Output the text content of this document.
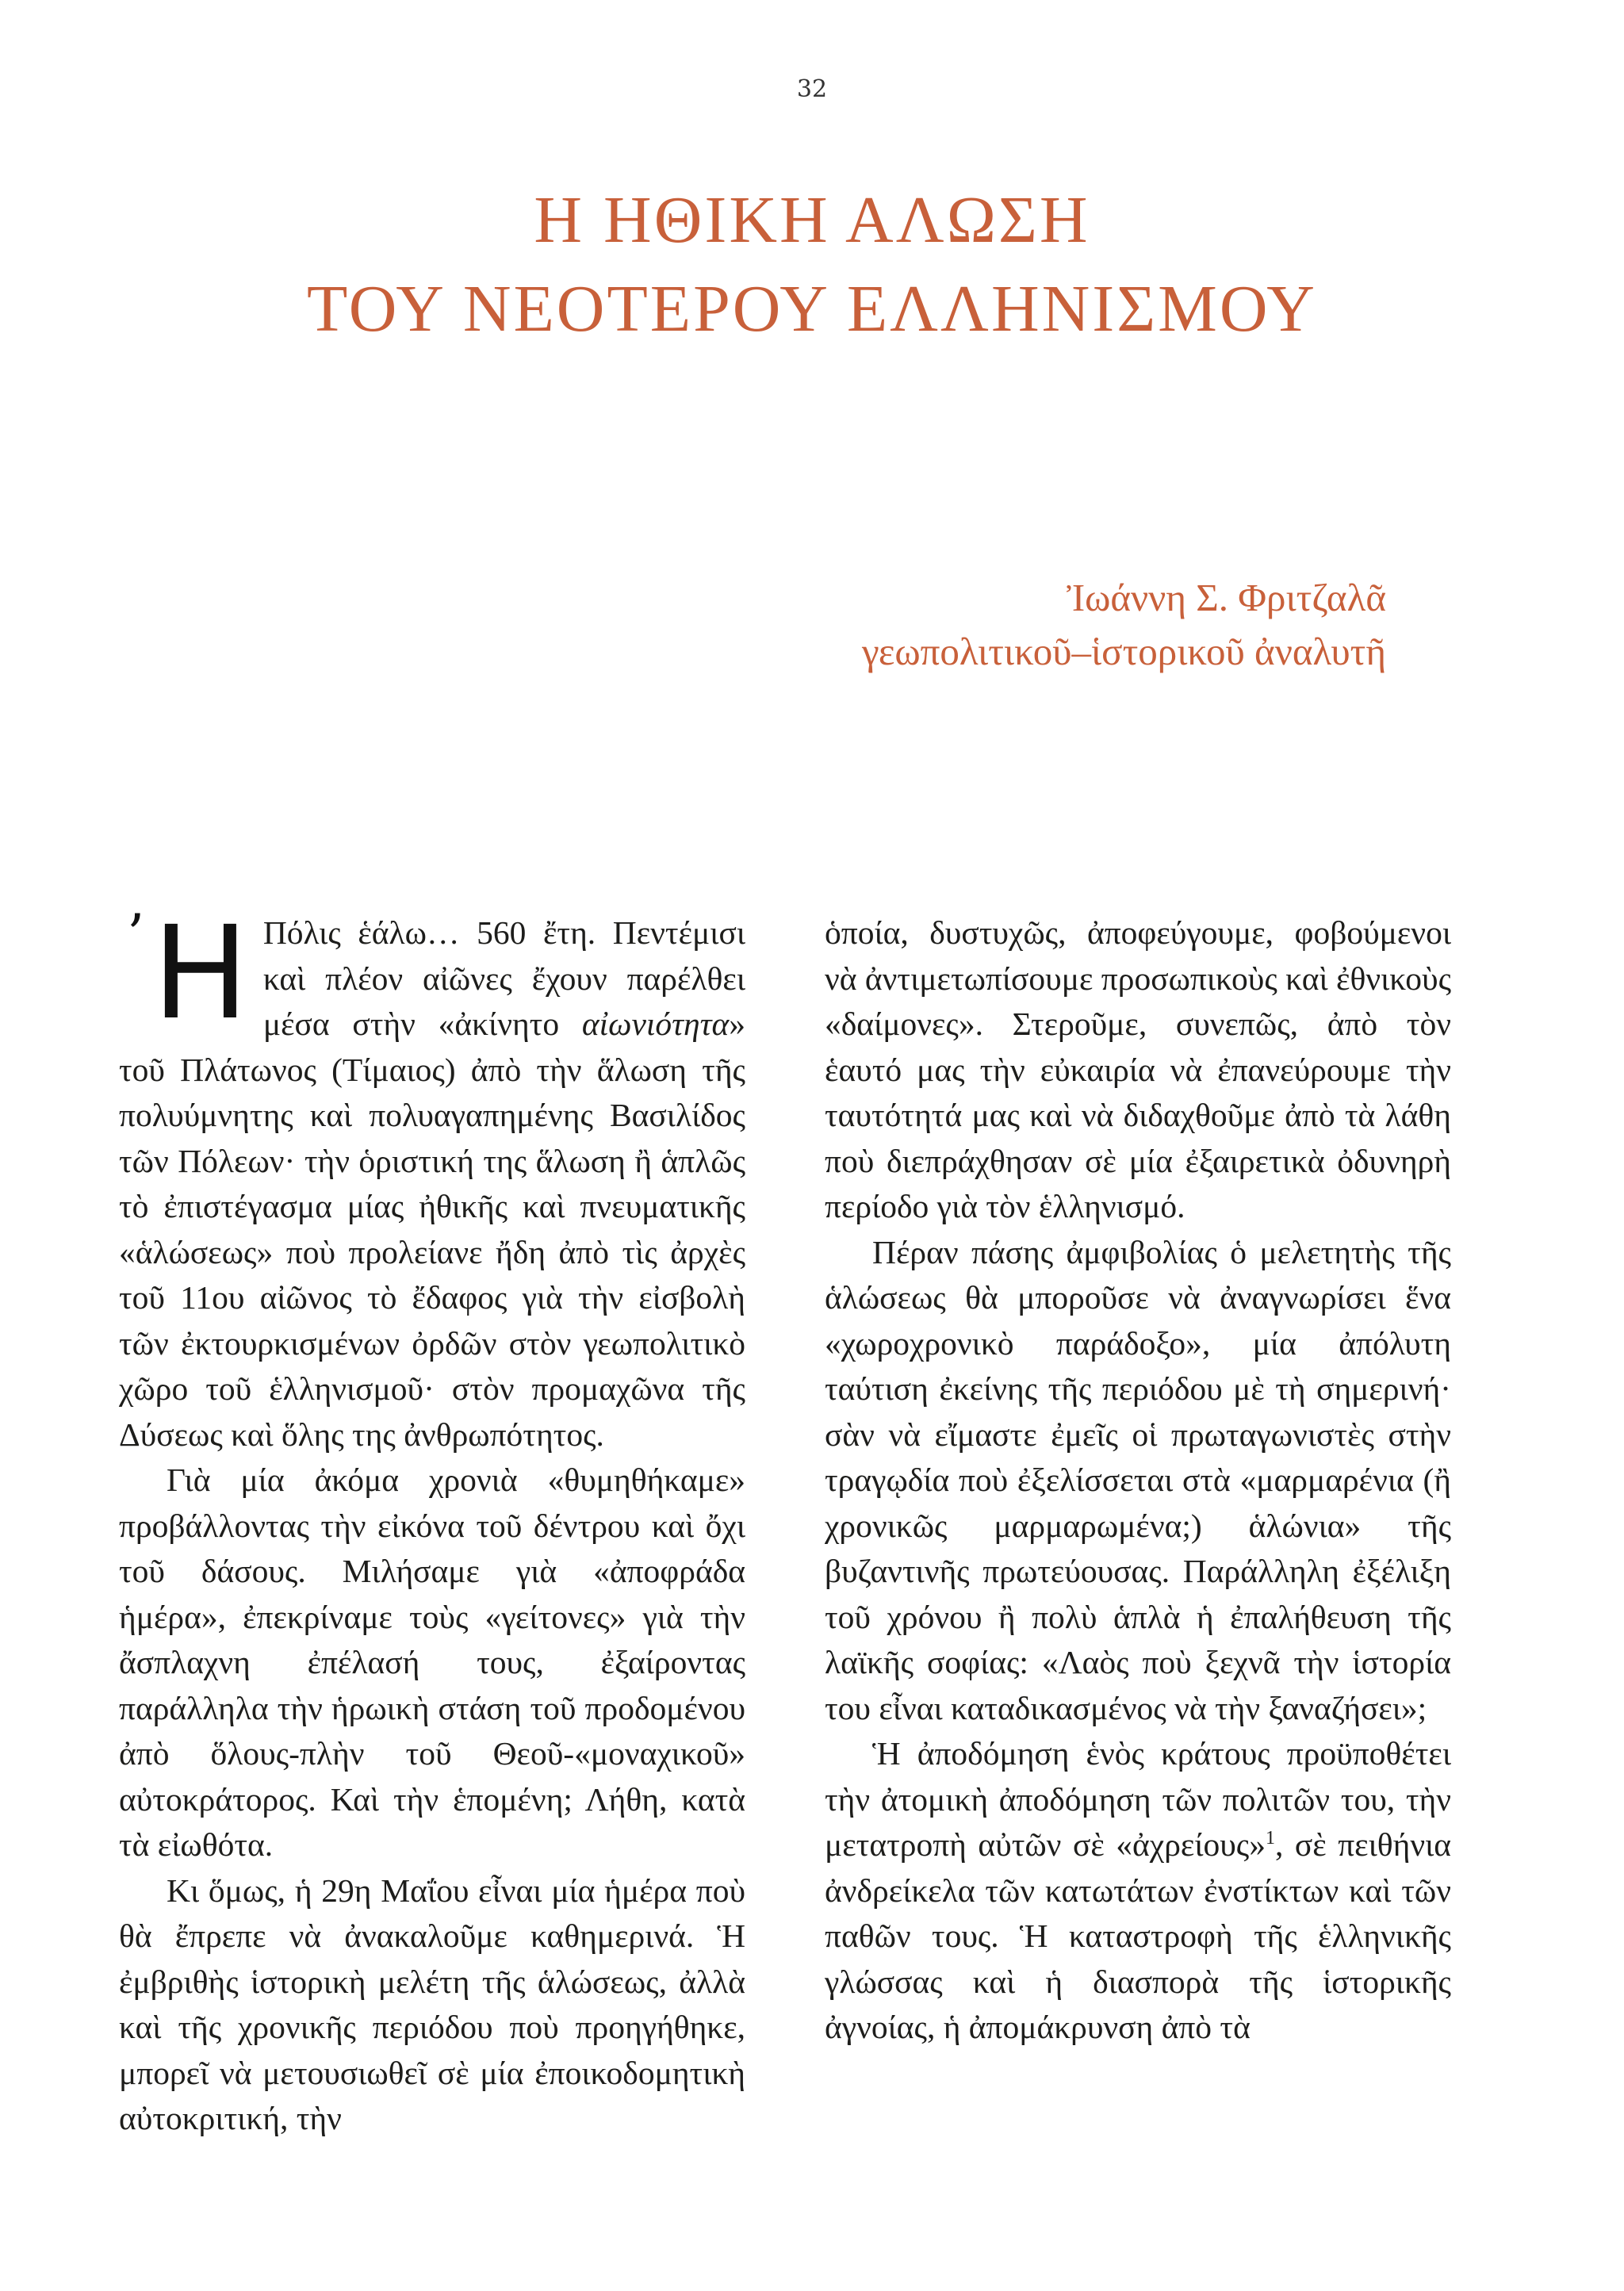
32
Η ΗΘΙΚΗ ΑΛΩΣΗ
ΤΟΥ ΝΕΟΤΕΡΟΥ ΕΛΛΗΝΙΣΜΟΥ
Ἰωάννη Σ. Φριτζαλᾶ
γεωπολιτικοῦ–ἱστορικοῦ ἀναλυτῆ

’ Η Πόλις ἑάλω… 560 ἔτη. Πεντέμισι καὶ πλέον αἰῶνες ἔχουν παρέλθει μέσα στὴν «ἀκίνητο αἰωνιότητα» τοῦ Πλάτωνος (Τίμαιος) ἀπὸ τὴν ἅλωση τῆς πολυύμνητης καὶ πολυαγαπημένης Βασιλίδος τῶν Πόλεων· τὴν ὁριστική της ἅλωση ἢ ἁπλῶς τὸ ἐπιστέγασμα μίας ἠθικῆς καὶ πνευματικῆς «ἁλώσεως» ποὺ προλείανε ἤδη ἀπὸ τὶς ἀρχὲς τοῦ 11ου αἰῶνος τὸ ἔδαφος γιὰ τὴν εἰσβολὴ τῶν ἐκτουρκισμένων ὀρδῶν στὸν γεωπολιτικὸ χῶρο τοῦ ἑλληνισμοῦ· στὸν προμαχῶνα τῆς Δύσεως καὶ ὅλης της ἀνθρωπότητος.

Γιὰ μία ἀκόμα χρονιὰ «θυμηθήκαμε» προβάλλοντας τὴν εἰκόνα τοῦ δέντρου καὶ ὄχι τοῦ δάσους. Μιλήσαμε γιὰ «ἀποφράδα ἡμέρα», ἐπεκρίναμε τοὺς «γείτονες» γιὰ τὴν ἄσπλαχνη ἐπέλασή τους, ἐξαίροντας παράλληλα τὴν ἡρωικὴ στάση τοῦ προδομένου ἀπὸ ὅλους-πλὴν τοῦ Θεοῦ-«μοναχικοῦ» αὐτοκράτορος. Καὶ τὴν ἑπομένη; Λήθη, κατὰ τὰ εἰωθότα.

Κι ὅμως, ἡ 29η Μαΐου εἶναι μία ἡμέρα ποὺ θὰ ἔπρεπε νὰ ἀνακαλοῦμε καθημερινά. Ἡ ἐμβριθὴς ἱστορικὴ μελέτη τῆς ἁλώσεως, ἀλλὰ καὶ τῆς χρονικῆς περιόδου ποὺ προηγήθηκε, μπορεῖ νὰ μετουσιωθεῖ σὲ μία ἐποικοδομητικὴ αὐτοκριτική, τὴν

ὁποία, δυστυχῶς, ἀποφεύγουμε, φοβούμενοι νὰ ἀντιμετωπίσουμε προσωπικοὺς καὶ ἐθνικοὺς «δαίμονες». Στεροῦμε, συνεπῶς, ἀπὸ τὸν ἑαυτό μας τὴν εὐκαιρία νὰ ἐπανεύρουμε τὴν ταυτότητά μας καὶ νὰ διδαχθοῦμε ἀπὸ τὰ λάθη ποὺ διεπράχθησαν σὲ μία ἐξαιρετικὰ ὀδυνηρὴ περίοδο γιὰ τὸν ἑλληνισμό.

Πέραν πάσης ἀμφιβολίας ὁ μελετητὴς τῆς ἁλώσεως θὰ μποροῦσε νὰ ἀναγνωρίσει ἕνα «χωροχρονικὸ παράδοξο», μία ἀπόλυτη ταύτιση ἐκείνης τῆς περιόδου μὲ τὴ σημερινή· σὰν νὰ εἴμαστε ἐμεῖς οἱ πρωταγωνιστὲς στὴν τραγῳδία ποὺ ἐξελίσσεται στὰ «μαρμαρένια (ἢ χρονικῶς μαρμαρωμένα;) ἁλώνια» τῆς βυζαντινῆς πρωτεύουσας. Παράλληλη ἐξέλιξη τοῦ χρόνου ἢ πολὺ ἁπλὰ ἡ ἐπαλήθευση τῆς λαϊκῆς σοφίας: «Λαὸς ποὺ ξεχνᾶ τὴν ἱστορία του εἶναι καταδικασμένος νὰ τὴν ξαναζήσει»;

Ἡ ἀποδόμηση ἑνὸς κράτους προϋποθέτει τὴν ἀτομικὴ ἀποδόμηση τῶν πολιτῶν του, τὴν μετατροπὴ αὐτῶν σὲ «ἀχρείους»$^1$, σὲ πειθήνια ἀνδρείκελα τῶν κατωτάτων ἐνστίκτων καὶ τῶν παθῶν τους. Ἡ καταστροφὴ τῆς ἑλληνικῆς γλώσσας καὶ ἡ διασπορὰ τῆς ἱστορικῆς ἀγνοίας, ἡ ἀπομάκρυνση ἀπὸ τὰ
